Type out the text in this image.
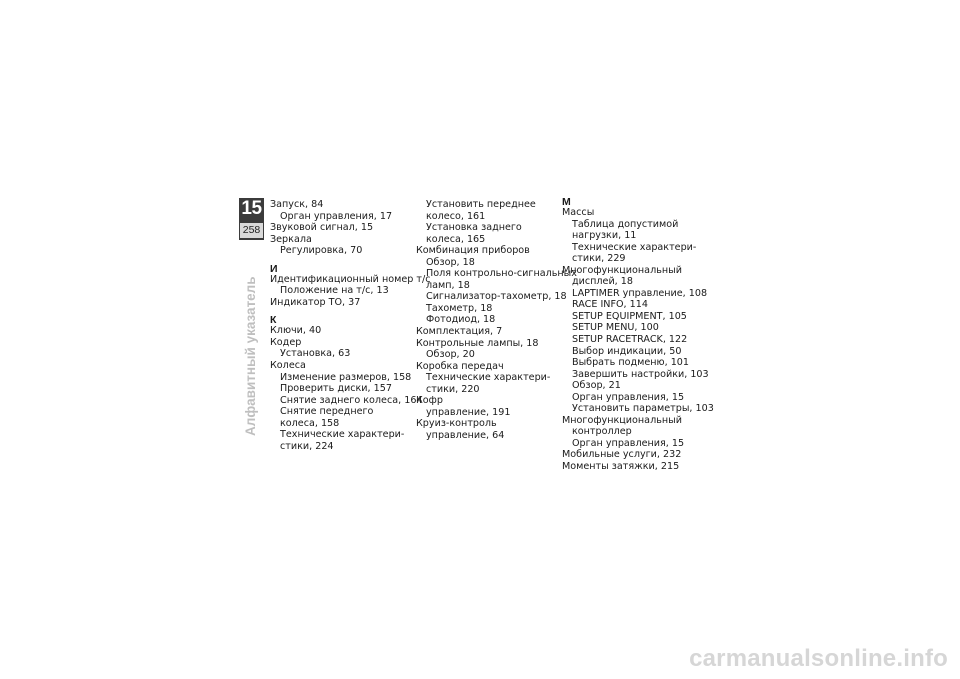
15
258
Алфавитный указатель
Запуск, 84
Орган управления, 17
Звуковой сигнал, 15
Зеркала
Регулировка, 70
И
Идентификационный номер т/с
Положение на т/с, 13
Индикатор ТО, 37
К
Ключи, 40
Кодер
Установка, 63
Колеса
Изменение размеров, 158
Проверить диски, 157
Снятие заднего колеса, 164
Снятие переднего
колеса, 158
Технические характери-
стики, 224
Установить переднее
колесо, 161
Установка заднего
колеса, 165
Комбинация приборов
Обзор, 18
Поля контрольно-сигнальных
ламп, 18
Сигнализатор-тахометр, 18
Тахометр, 18
Фотодиод, 18
Комплектация, 7
Контрольные лампы, 18
Обзор, 20
Коробка передач
Технические характери-
стики, 220
Кофр
управление, 191
Круиз-контроль
управление, 64
М
Массы
Таблица допустимой
нагрузки, 11
Технические характери-
стики, 229
Многофункциональный
дисплей, 18
LAPTIMER управление, 108
RACE INFO, 114
SETUP EQUIPMENT, 105
SETUP MENU, 100
SETUP RACETRACK, 122
Выбор индикации, 50
Выбрать подменю, 101
Завершить настройки, 103
Обзор, 21
Орган управления, 15
Установить параметры, 103
Многофункциональный
контроллер
Орган управления, 15
Мобильные услуги, 232
Моменты затяжки, 215
carmanualsonline.info
